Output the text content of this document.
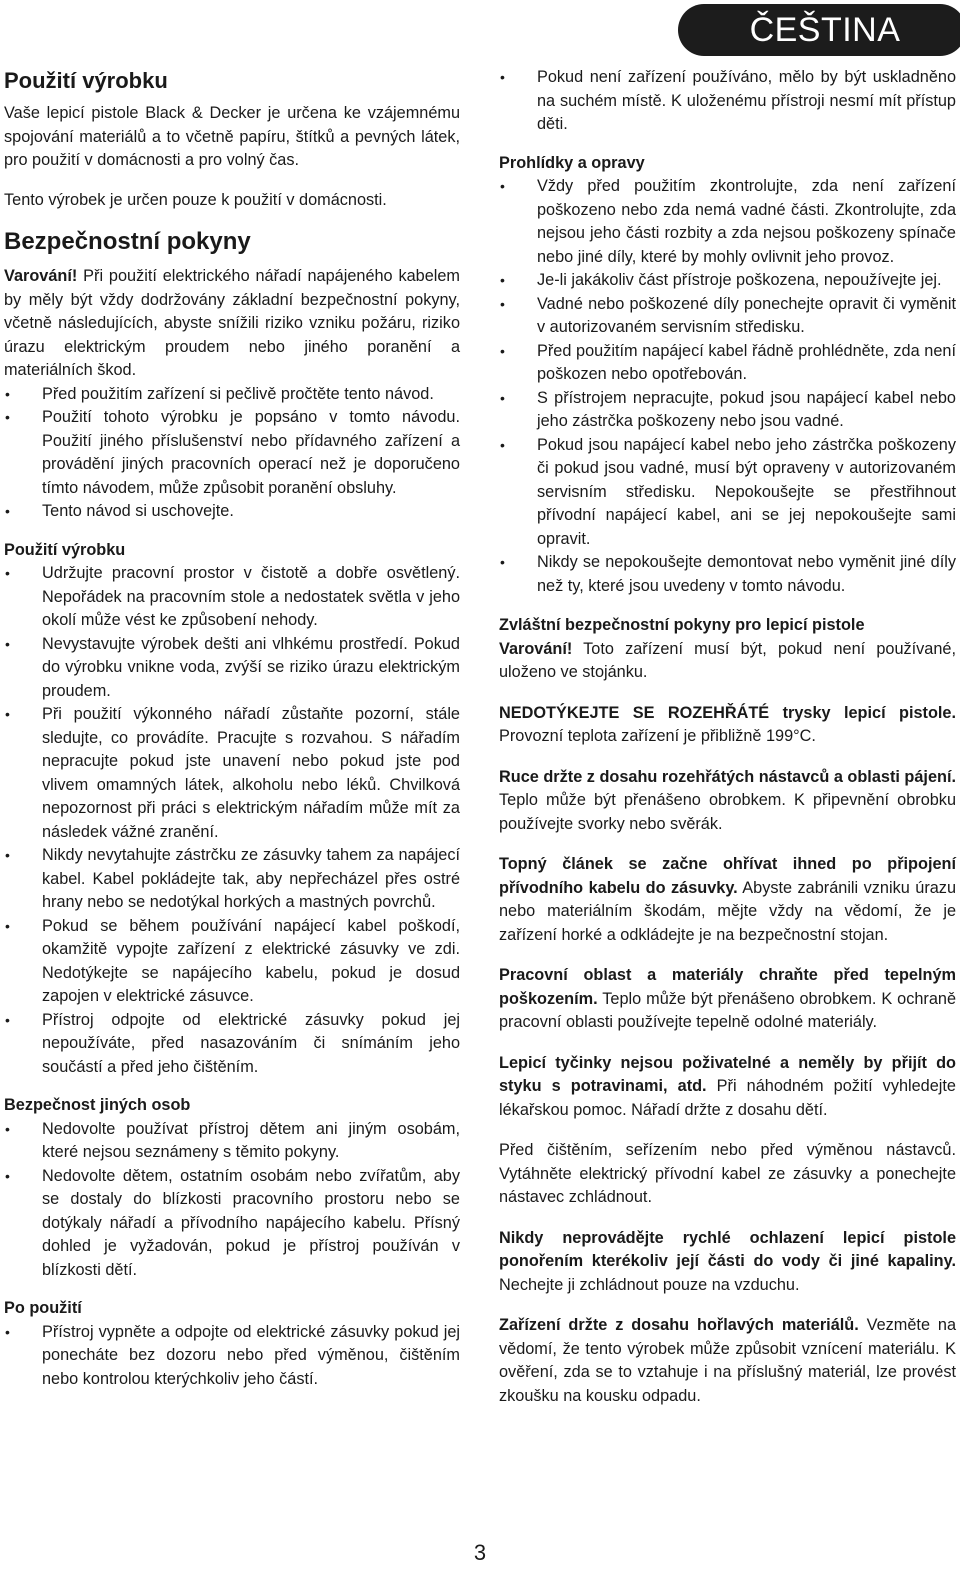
ČEŠTINA
Použití výrobku

Vaše lepicí pistole Black & Decker je určena ke vzájemnému spojování materiálů a to včetně papíru, štítků a pevných látek, pro použití v domácnosti a pro volný čas.

Tento výrobek je určen pouze k použití v domácnosti.

Bezpečnostní pokyny

Varování! Při použití elektrického nářadí napájeného kabelem by měly být vždy dodržovány základní bezpečnostní pokyny, včetně následujících, abyste snížili riziko vzniku požáru, riziko úrazu elektrickým proudem nebo jiného poranění a materiálních škod.

• Před použitím zařízení si pečlivě pročtěte tento návod.
• Použití tohoto výrobku je popsáno v tomto návodu. Použití jiného příslušenství nebo přídavného zařízení a provádění jiných pracovních operací než je doporučeno tímto návodem, může způsobit poranění obsluhy.
• Tento návod si uschovejte.
Použití výrobku
• Udržujte pracovní prostor v čistotě a dobře osvětlený. Nepořádek na pracovním stole a nedostatek světla v jeho okolí může vést ke způsobení nehody.
• Nevystavujte výrobek dešti ani vlhkému prostředí. Pokud do výrobku vnikne voda, zvýší se riziko úrazu elektrickým proudem.
• Při použití výkonného nářadí zůstaňte pozorní, stále sledujte, co provádíte. Pracujte s rozvahou. S nářadím nepracujte pokud jste unavení nebo pokud jste pod vlivem omamných látek, alkoholu nebo léků. Chvilková nepozornost při práci s elektrickým nářadím může mít za následek vážné zranění.
• Nikdy nevytahujte zástrčku ze zásuvky tahem za napájecí kabel. Kabel pokládejte tak, aby nepřecházel přes ostré hrany nebo se nedotýkal horkých a mastných povrchů.
• Pokud se během používání napájecí kabel poškodí, okamžitě vypojte zařízení z elektrické zásuvky ve zdi. Nedotýkejte se napájecího kabelu, pokud je dosud zapojen v elektrické zásuvce.
• Přístroj odpojte od elektrické zásuvky pokud jej nepoužíváte, před nasazováním či snímáním jeho součástí a před jeho čištěním.
Bezpečnost jiných osob
• Nedovolte používat přístroj dětem ani jiným osobám, které nejsou seznámeny s těmito pokyny.
• Nedovolte dětem, ostatním osobám nebo zvířatům, aby se dostaly do blízkosti pracovního prostoru nebo se dotýkaly nářadí a přívodního napájecího kabelu. Přísný dohled je vyžadován, pokud je přístroj používán v blízkosti dětí.
Po použití
• Přístroj vypněte a odpojte od elektrické zásuvky pokud jej ponecháte bez dozoru nebo před výměnou, čištěním nebo kontrolou kterýchkoliv jeho částí.
• Pokud není zařízení používáno, mělo by být uskladněno na suchém místě. K uloženému přístroji nesmí mít přístup děti.
Prohlídky a opravy
• Vždy před použitím zkontrolujte, zda není zařízení poškozeno nebo zda nemá vadné části. Zkontrolujte, zda nejsou jeho části rozbity a zda nejsou poškozeny spínače nebo jiné díly, které by mohly ovlivnit jeho provoz.
• Je-li jakákoliv část přístroje poškozena, nepoužívejte jej.
• Vadné nebo poškozené díly ponechejte opravit či vyměnit v autorizovaném servisním středisku.
• Před použitím napájecí kabel řádně prohlédněte, zda není poškozen nebo opotřebován.
• S přístrojem nepracujte, pokud jsou napájecí kabel nebo jeho zástrčka poškozeny nebo jsou vadné.
• Pokud jsou napájecí kabel nebo jeho zástrčka poškozeny či pokud jsou vadné, musí být opraveny v autorizovaném servisním středisku. Nepokoušejte se přestřihnout přívodní napájecí kabel, ani se jej nepokoušejte sami opravit.
• Nikdy se nepokoušejte demontovat nebo vyměnit jiné díly než ty, které jsou uvedeny v tomto návodu.
Zvláštní bezpečnostní pokyny pro lepicí pistole

Varování! Toto zařízení musí být, pokud není používané, uloženo ve stojánku.

NEDOTÝKEJTE SE ROZEHŘÁTÉ trysky lepicí pistole. Provozní teplota zařízení je přibližně 199°C.

Ruce držte z dosahu rozehřátých nástavců a oblasti pájení. Teplo může být přenášeno obrobkem. K připevnění obrobku používejte svorky nebo svěrák.

Topný článek se začne ohřívat ihned po připojení přívodního kabelu do zásuvky. Abyste zabránili vzniku úrazu nebo materiálním škodám, mějte vždy na vědomí, že je zařízení horké a odkládejte je na bezpečnostní stojan.

Pracovní oblast a materiály chraňte před tepelným poškozením. Teplo může být přenášeno obrobkem. K ochraně pracovní oblasti používejte tepelně odolné materiály.

Lepicí tyčinky nejsou poživatelné a neměly by přijít do styku s potravinami, atd. Při náhodném požití vyhledejte lékařskou pomoc. Nářadí držte z dosahu dětí.

Před čištěním, seřízením nebo před výměnou nástavců. Vytáhněte elektrický přívodní kabel ze zásuvky a ponechejte nástavec zchládnout.

Nikdy neprovádějte rychlé ochlazení lepicí pistole ponořením kterékoliv její části do vody či jiné kapaliny. Nechejte ji zchládnout pouze na vzduchu.

Zařízení držte z dosahu hořlavých materiálů. Vezměte na vědomí, že tento výrobek může způsobit vznícení materiálu. K ověření, zda se to vztahuje i na příslušný materiál, lze provést zkoušku na kousku odpadu.

3
